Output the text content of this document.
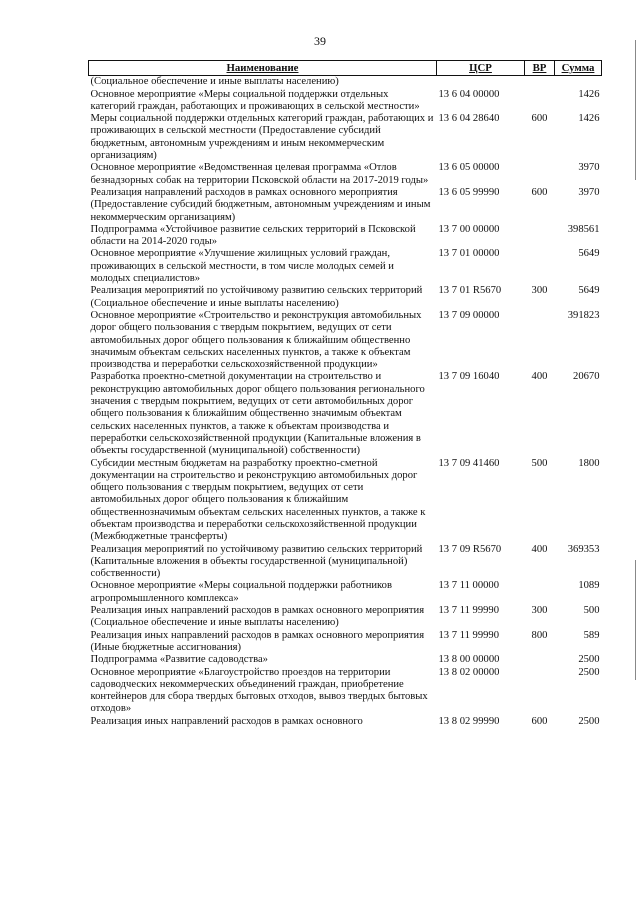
39
Наименование	ЦСР	ВР	Сумма
(Социальное обеспечение и иные выплаты населению)			
Основное мероприятие «Меры социальной поддержки отдельных категорий граждан, работающих и проживающих в сельской местности»	13 6 04 00000		1426
Меры социальной поддержки отдельных категорий граждан, работающих и проживающих в сельской местности (Предоставление субсидий бюджетным, автономным учреждениям и иным некоммерческим организациям)	13 6 04 28640	600	1426
Основное мероприятие «Ведомственная целевая программа «Отлов безнадзорных собак на территории Псковской области на 2017-2019 годы»	13 6 05 00000		3970
Реализация направлений расходов в рамках основного мероприятия (Предоставление субсидий бюджетным, автономным учреждениям и иным некоммерческим организациям)	13 6 05 99990	600	3970
Подпрограмма «Устойчивое развитие сельских территорий в Псковской области на 2014-2020 годы»	13 7 00 00000		398561
Основное мероприятие «Улучшение жилищных условий граждан, проживающих в сельской местности, в том числе молодых семей и молодых специалистов»	13 7 01 00000		5649
Реализация мероприятий по устойчивому развитию сельских территорий (Социальное обеспечение и иные выплаты населению)	13 7 01 R5670	300	5649
Основное мероприятие «Строительство и реконструкция автомобильных дорог общего пользования с твердым покрытием, ведущих от сети автомобильных дорог общего пользования к ближайшим общественно значимым объектам сельских населенных пунктов, а также к объектам производства и переработки сельскохозяйственной продукции»	13 7 09 00000		391823
Разработка проектно-сметной документации на строительство и реконструкцию автомобильных дорог общего пользования регионального значения с твердым покрытием, ведущих от сети автомобильных дорог общего пользования к ближайшим общественно значимым объектам сельских населенных пунктов, а также к объектам производства и переработки сельскохозяйственной продукции (Капитальные вложения в объекты государственной (муниципальной) собственности)	13 7 09 16040	400	20670
Субсидии местным бюджетам на разработку проектно-сметной документации на строительство и реконструкцию автомобильных дорог общего пользования с твердым покрытием, ведущих от сети автомобильных дорог общего пользования к ближайшим общественнозначимым объектам сельских населенных пунктов, а также к объектам производства и переработки сельскохозяйственной продукции (Межбюджетные трансферты)	13 7 09 41460	500	1800
Реализация мероприятий по устойчивому развитию сельских территорий (Капитальные вложения в объекты государственной (муниципальной) собственности)	13 7 09 R5670	400	369353
Основное мероприятие «Меры социальной поддержки работников агропромышленного комплекса»	13 7 11 00000		1089
Реализация иных направлений расходов в рамках основного мероприятия (Социальное обеспечение и иные выплаты населению)	13 7 11 99990	300	500
Реализация иных направлений расходов в рамках основного мероприятия (Иные бюджетные ассигнования)	13 7 11 99990	800	589
Подпрограмма «Развитие садоводства»	13 8 00 00000		2500
Основное мероприятие «Благоустройство проездов на территории садоводческих некоммерческих объединений граждан, приобретение контейнеров для сбора твердых бытовых отходов, вывоз твердых бытовых отходов»	13 8 02 00000		2500
Реализация иных направлений расходов в рамках основного	13 8 02 99990	600	2500
